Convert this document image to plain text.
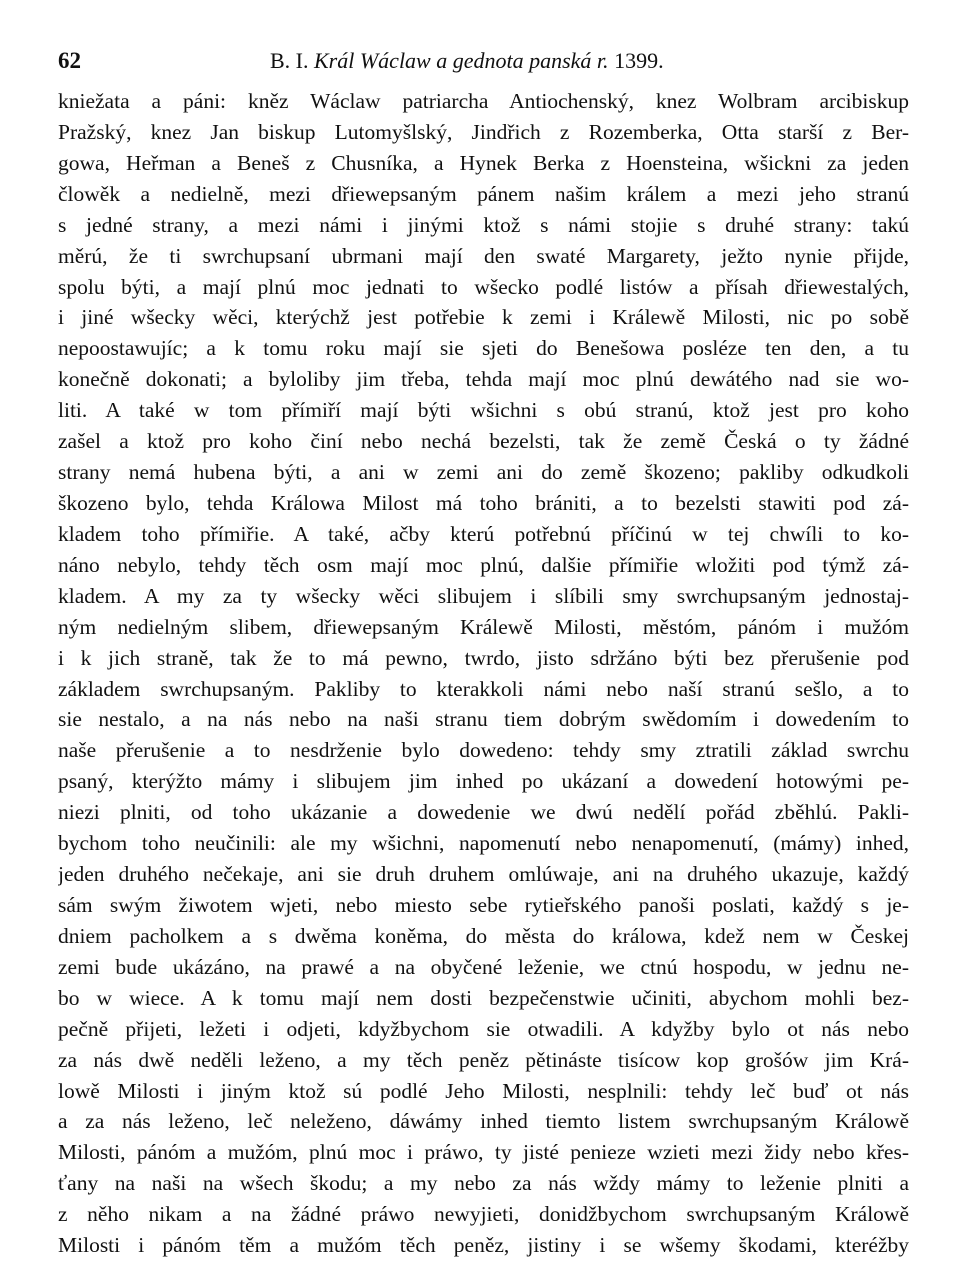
62	B. I. Král Wáclaw a gednota panská r. 1399.
kniežata a páni: kněz Wáclaw patriarcha Antiochenský, knez Wolbram arcibiskup
Pražský, knez Jan biskup Lutomyšlský, Jindřich z Rozemberka, Otta starší z Ber-
gowa, Heřman a Beneš z Chusníka, a Hynek Berka z Hoensteina, wšickni za jeden
člowěk a nedielně, mezi dřiewepsaným pánem našim králem a mezi jeho stranú
s jedné strany, a mezi námi i jinými ktož s námi stojie s druhé strany: takú
měrú, že ti swrchupsaní ubrmani mají den swaté Margarety, ježto nynie přijde,
spolu býti, a mají plnú moc jednati to wšecko podlé listów a přísah dřiewestalých,
i jiné wšecky wěci, kterýchž jest potřebie k zemi i Králewě Milosti, nic po sobě
nepoostawujíc; a k tomu roku mají sie sjeti do Benešowa posléze ten den, a tu
konečně dokonati; a byloliby jim třeba, tehda mají moc plnú dewátého nad sie wo-
liti. A také w tom přímiří mají býti wšichni s obú stranú, ktož jest pro koho
zašel a ktož pro koho činí nebo nechá bezelsti, tak že země Česká o ty žádné
strany nemá hubena býti, a ani w zemi ani do země škozeno; pakliby odkudkoli
škozeno bylo, tehda Králowa Milost má toho brániti, a to bezelsti stawiti pod zá-
kladem toho přímiřie. A také, ačby kterú potřebnú příčinú w tej chwíli to ko-
náno nebylo, tehdy těch osm mají moc plnú, dalšie přímiřie wložiti pod týmž zá-
kladem. A my za ty wšecky wěci slibujem i slíbili smy swrchupsaným jednostaj-
ným nedielným slibem, dřiewepsaným Králewě Milosti, městóm, pánóm i mužóm
i k jich straně, tak že to má pewno, twrdo, jisto sdržáno býti bez přerušenie pod
základem swrchupsaným. Pakliby to kterakkoli námi nebo naší stranú sešlo, a to
sie nestalo, a na nás nebo na naši stranu tiem dobrým swědomím i dowedením to
naše přerušenie a to nesdrženie bylo dowedeno: tehdy smy ztratili základ swrchu
psaný, kterýžto mámy i slibujem jim inhed po ukázaní a dowedení hotowými pe-
niezi plniti, od toho ukázanie a dowedenie we dwú nedělí pořád zběhlú. Pakli-
bychom toho neučinili: ale my wšichni, napomenutí nebo nenapomenutí, (mámy) inhed,
jeden druhého nečekaje, ani sie druh druhem omlúwaje, ani na druhého ukazuje, každý
sám swým žiwotem wjeti, nebo miesto sebe rytieřského panoši poslati, každý s je-
dniem pacholkem a s dwěma koněma, do města do králowa, kdež nem w Českej
zemi bude ukázáno, na prawé a na obyčené leženie, we ctnú hospodu, w jednu ne-
bo w wiece. A k tomu mají nem dosti bezpečenstwie učiniti, abychom mohli bez-
pečně přijeti, ležeti i odjeti, kdyžbychom sie otwadili. A kdyžby bylo ot nás nebo
za nás dwě neděli leženo, a my těch peněz pětináste tisícow kop grošów jim Krá-
lowě Milosti i jiným ktož sú podlé Jeho Milosti, nesplnili: tehdy leč buď ot nás
a za nás leženo, leč neleženo, dáwámy inhed tiemto listem swrchupsaným Králowě
Milosti, pánóm a mužóm, plnú moc i práwo, ty jisté penieze wzieti mezi židy nebo křes-
ťany na naši na wšech škodu; a my nebo za nás wždy mámy to leženie plniti a
z něho nikam a na žádné práwo newyjieti, donidžbychom swrchupsaným Králowě
Milosti i pánóm těm a mužóm těch peněz, jistiny i se wšemy škodami, kteréžby
